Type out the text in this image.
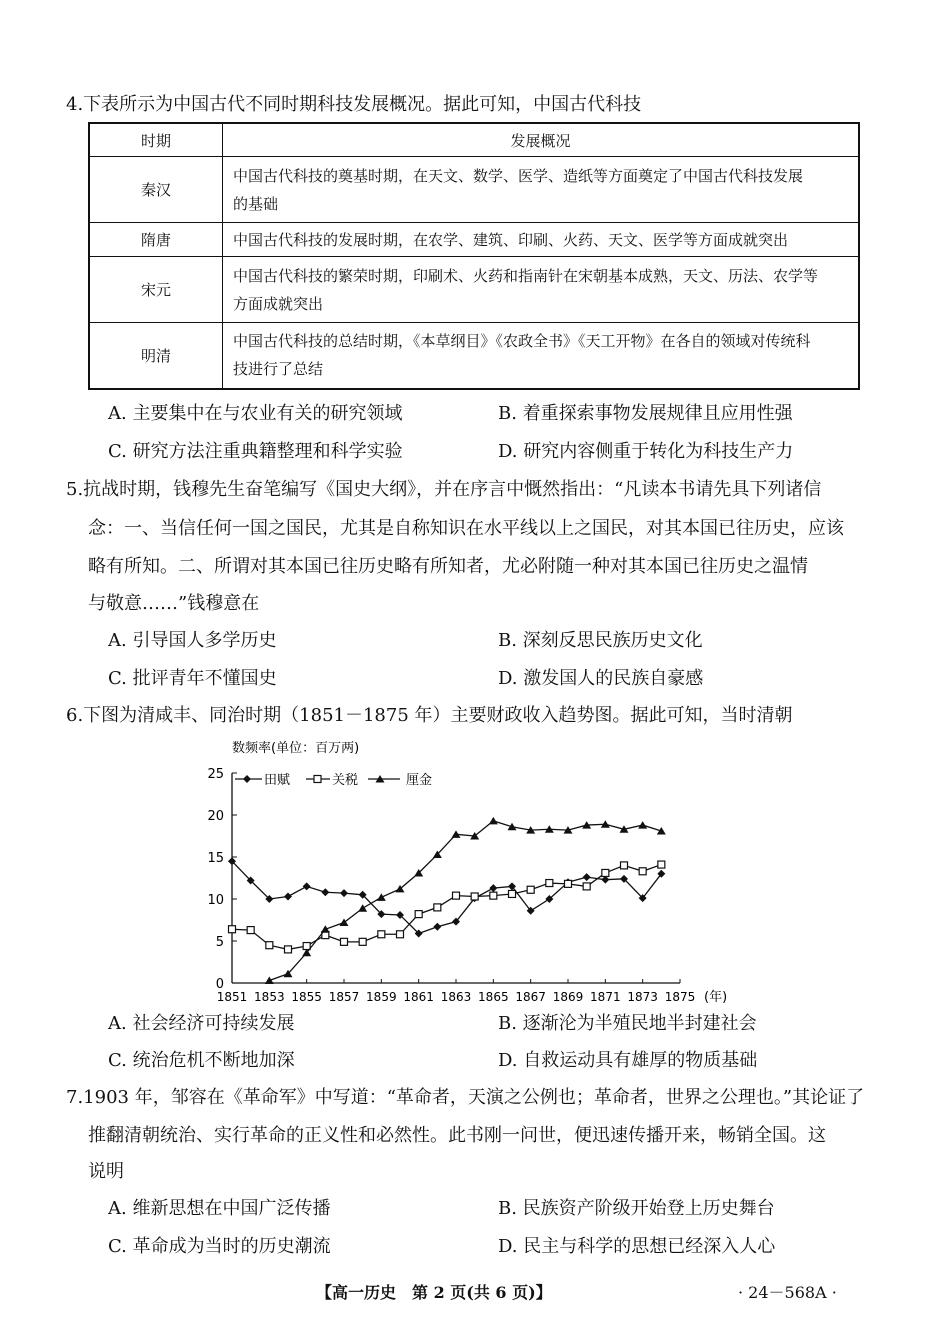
4.下表所示为中国古代不同时期科技发展概况。据此可知，中国古代科技
时期	发展概况
秦汉	中国古代科技的奠基时期，在天文、数学、医学、造纸等方面奠定了中国古代科技发展
的基础
隋唐	中国古代科技的发展时期，在农学、建筑、印刷、火药、天文、医学等方面成就突出
宋元	中国古代科技的繁荣时期，印刷术、火药和指南针在宋朝基本成熟，天文、历法、农学等
方面成就突出
明清	中国古代科技的总结时期，《本草纲目》《农政全书》《天工开物》在各自的领域对传统科
技进行了总结
A. 主要集中在与农业有关的研究领域	B. 着重探索事物发展规律且应用性强
C. 研究方法注重典籍整理和科学实验	D. 研究内容侧重于转化为科技生产力
5.抗战时期，钱穆先生奋笔编写《国史大纲》，并在序言中慨然指出：“凡读本书请先具下列诸信
念：一、当信任何一国之国民，尤其是自称知识在水平线以上之国民，对其本国已往历史，应该
略有所知。二、所谓对其本国已往历史略有所知者，尤必附随一种对其本国已往历史之温情
与敬意……”钱穆意在
A. 引导国人多学历史	B. 深刻反思民族历史文化
C. 批评青年不懂国史	D. 激发国人的民族自豪感
6.下图为清咸丰、同治时期（1851－1875 年）主要财政收入趋势图。据此可知，当时清朝
数频率(单位：百万两)
0
5
10
15
20
25
1851 1853 1855 1857 1859 1861 1863 1865 1867 1869 1871 1873 1875
田赋	关税	厘金
(年)
A. 社会经济可持续发展	B. 逐渐沦为半殖民地半封建社会
C. 统治危机不断地加深	D. 自救运动具有雄厚的物质基础
7.1903 年，邹容在《革命军》中写道：“革命者，天演之公例也；革命者，世界之公理也。”其论证了
推翻清朝统治、实行革命的正义性和必然性。此书刚一问世，便迅速传播开来，畅销全国。这
说明
A. 维新思想在中国广泛传播	B. 民族资产阶级开始登上历史舞台
C. 革命成为当时的历史潮流	D. 民主与科学的思想已经深入人心
【高一历史　第 2 页(共 6 页)】	· 24－568A ·
